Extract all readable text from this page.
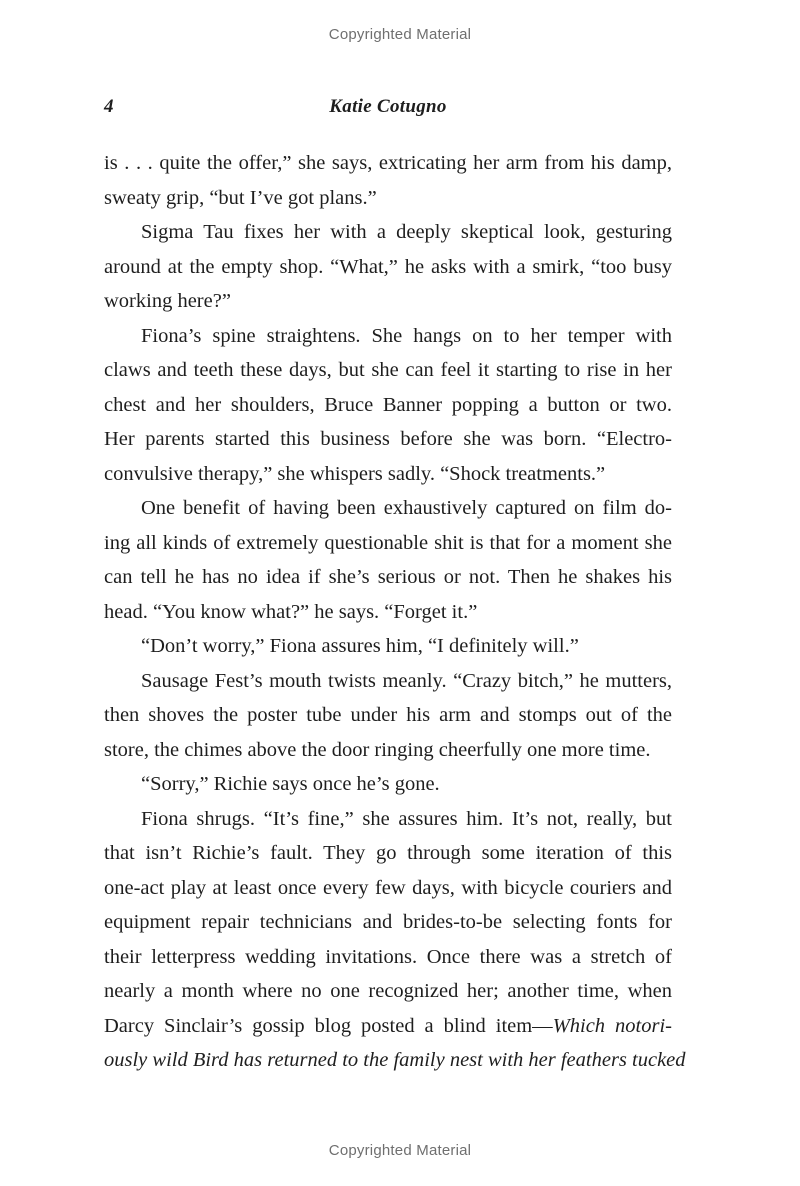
Copyrighted Material
4	Katie Cotugno
is . . . quite the offer,” she says, extricating her arm from his damp,
sweaty grip, “but I’ve got plans.”
Sigma Tau fixes her with a deeply skeptical look, gesturing
around at the empty shop. “What,” he asks with a smirk, “too busy
working here?”
Fiona’s spine straightens. She hangs on to her temper with
claws and teeth these days, but she can feel it starting to rise in her
chest and her shoulders, Bruce Banner popping a button or two.
Her parents started this business before she was born. “Electro-
convulsive therapy,” she whispers sadly. “Shock treatments.”
One benefit of having been exhaustively captured on film do-
ing all kinds of extremely questionable shit is that for a moment she
can tell he has no idea if she’s serious or not. Then he shakes his
head. “You know what?” he says. “Forget it.”
“Don’t worry,” Fiona assures him, “I definitely will.”
Sausage Fest’s mouth twists meanly. “Crazy bitch,” he mutters,
then shoves the poster tube under his arm and stomps out of the
store, the chimes above the door ringing cheerfully one more time.
“Sorry,” Richie says once he’s gone.
Fiona shrugs. “It’s fine,” she assures him. It’s not, really, but
that isn’t Richie’s fault. They go through some iteration of this
one-act play at least once every few days, with bicycle couriers and
equipment repair technicians and brides-to-be selecting fonts for
their letterpress wedding invitations. Once there was a stretch of
nearly a month where no one recognized her; another time, when
Darcy Sinclair’s gossip blog posted a blind item—Which notori-
ously wild Bird has returned to the family nest with her feathers tucked
Copyrighted Material
